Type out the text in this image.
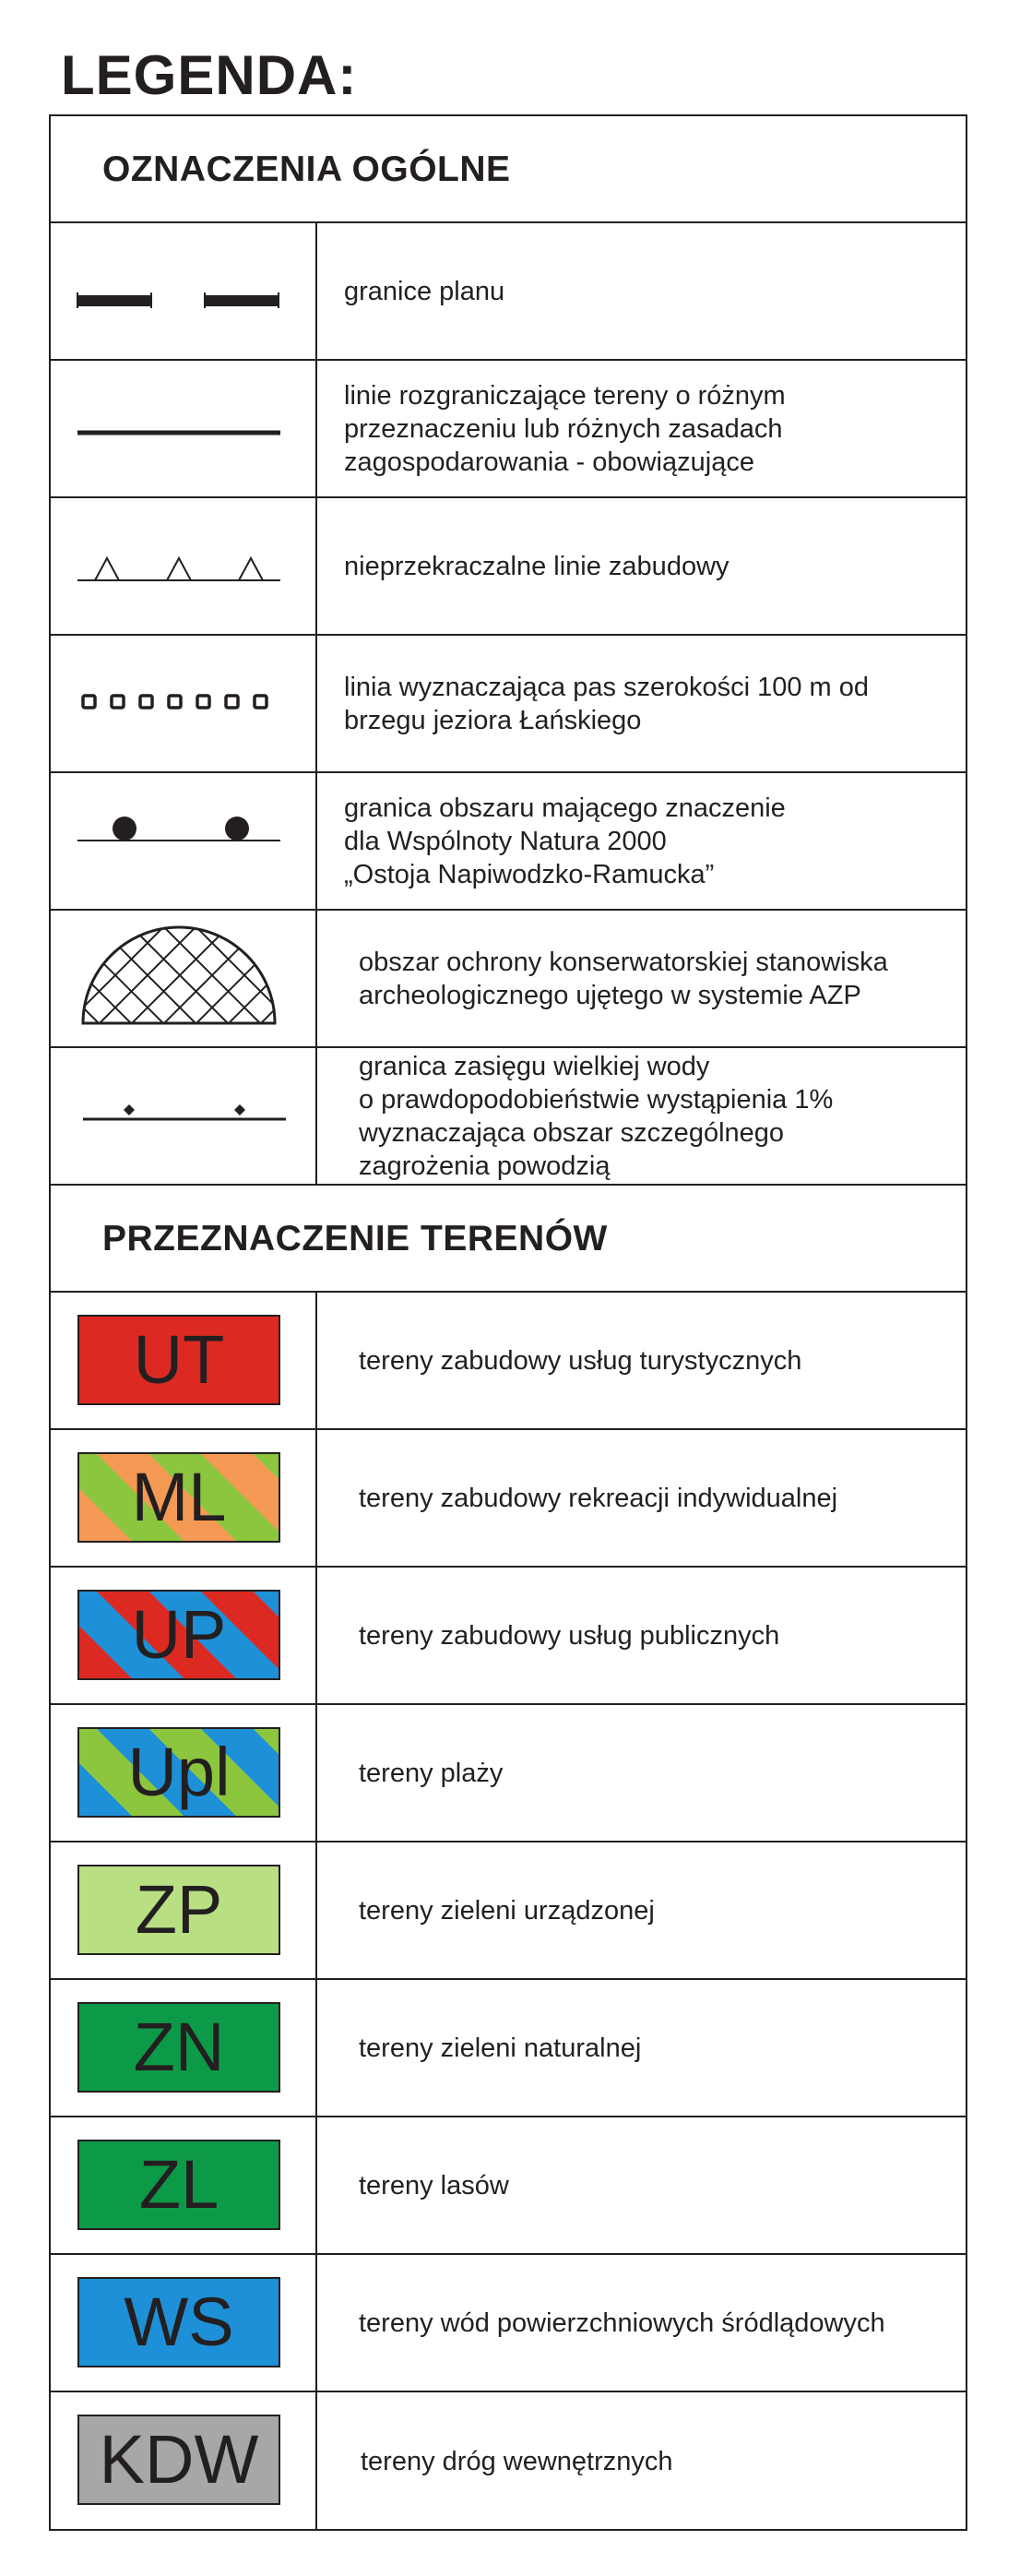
LEGENDA:
OZNACZENIA OGÓLNE
granice planu
linie rozgraniczające tereny o różnym
przeznaczeniu lub różnych zasadach
zagospodarowania - obowiązujące
nieprzekraczalne linie zabudowy
linia wyznaczająca pas szerokości 100 m od
brzegu jeziora Łańskiego
granica obszaru mającego znaczenie
dla Wspólnoty Natura 2000
„Ostoja Napiwodzko-Ramucka”
obszar ochrony konserwatorskiej stanowiska
archeologicznego ujętego w systemie AZP
granica zasięgu wielkiej wody
o prawdopodobieństwie wystąpienia 1%
wyznaczająca obszar szczególnego
zagrożenia powodzią
PRZEZNACZENIE TERENÓW
UT	tereny zabudowy usług turystycznych
ML	tereny zabudowy rekreacji indywidualnej
UP	tereny zabudowy usług publicznych
Upl	tereny plaży
ZP	tereny zieleni urządzonej
ZN	tereny zieleni naturalnej
ZL	tereny lasów
WS	tereny wód powierzchniowych śródlądowych
KDW	tereny dróg wewnętrznych
